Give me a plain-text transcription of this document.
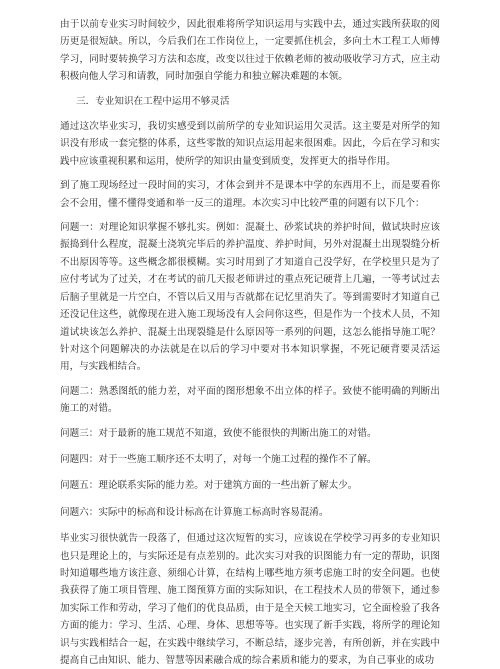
由于以前专业实习时间较少，因此很难将所学知识运用与实践中去，通过实践所获取的阅历更是很短缺。所以，今后我们在工作岗位上，一定要抓住机会，多向土木工程工人师傅学习，同时要转换学习方法和态度，改变以往过于依赖老师的被动吸收学习方式，应主动积极向他人学习和请教，同时加强自学能力和独立解决难题的本领。

三．专业知识在工程中运用不够灵活

通过这次毕业实习，我切实感受到以前所学的专业知识运用欠灵活。这主要是对所学的知识没有形成一套完整的体系，这些零散的知识点运用起来很困难。因此，今后在学习和实践中应该重视积累和运用，使所学的知识由量变到质变，发挥更大的指导作用。

到了施工现场经过一段时间的实习，才体会到并不是课本中学的东西用不上，而是要看你会不会用，懂不懂得变通和举一反三的道理。本次实习中比较严重的问题有以下几个：

问题一：对理论知识掌握不够扎实。例如：混凝土、砂浆试块的养护时间，做试块时应该振捣到什么程度，混凝土浇筑完毕后的养护温度、养护时间，另外对混凝土出现裂缝分析不出原因等等。这些概念都很模糊。实习时用到了才知道自己没学好，在学校里只是为了应付考试为了过关，才在考试的前几天报老师讲过的重点死记硬背上几遍，一等考试过去后脑子里就是一片空白，不管以后又用与否就都在记忆里消失了。等到需要时才知道自己还没记住这些，就像现在进入施工现场没有人会问你这些，但是作为一个技术人员，不知道试块该怎么养护、混凝土出现裂缝是什么原因等一系列的问题，这怎么能指导施工呢？针对这个问题解决的办法就是在以后的学习中要对书本知识掌握，不死记硬背要灵活运用，与实践相结合。

问题二：熟悉图纸的能力差，对平面的图形想象不出立体的样子。致使不能明确的判断出施工的对错。

问题三：对于最新的施工规范不知道，致使不能很快的判断出施工的对错。

问题四：对于一些施工顺序还不太明了，对每一个施工过程的操作不了解。

问题五：理论联系实际的能力差。对于建筑方面的一些出新了解太少。

问题六：实际中的标高和设计标高在计算施工标高时容易混淆。

毕业实习很快就告一段落了，但通过这次短暂的实习，应该说在学校学习再多的专业知识也只是理论上的，与实际还是有点差别的。此次实习对我的识图能力有一定的帮助，识图时知道哪些地方该注意、须细心计算，在结构上哪些地方须考虑施工时的安全问题。也使我获得了施工项目管理、施工图预算方面的实际知识，在工程技术人员的带领下，通过参加实际工作和劳动，学习了他们的优良品质，由于是全天候工地实习，它全面检验了我各方面的能力：学习、生活、心理、身体、思想等等。也实现了新手实践，将所学的理论知识与实践相结合一起，在实践中继续学习，不断总结，逐步完善，有所创新，并在实践中提高自己由知识、能力、智慧等因素融合成的综合素质和能力的要求，为自己事业的成功
